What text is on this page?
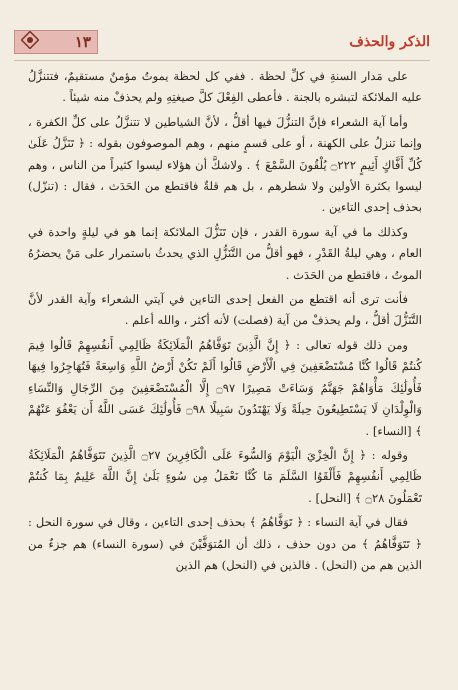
الذكر والحذف
١٣

على مَدار السنةِ في كلِّ لحظة . ففي كل لحظة يموتُ مؤمنٌ مستقيمٌ، فتتنزَّلُ عليه الملائكة لتبشره بالجنة . فأعطى الفِعْلَ كلَّ صيغتِهِ ولم يحذفْ منه شيئاً .

وأما آية الشعراء فإنَّ التنزُّلَ فيها أقلُّ ، لأنَّ الشياطين لا تتنزَّلُ على كلِّ الكفرة ، وإنما تنزلُ على الكهنة ، أو على قسمٍ منهم ، وهم الموصوفون بقوله : ﴿ تَنَزَّلُ عَلَىٰ كُلِّ أَفَّاكٍ أَثِيمٍ ۝٢٢٢ يُلْقُونَ السَّمْعَ ﴾ . ولاشكَّ أن هؤلاء ليسوا كثيراً من الناس ، وهم ليسوا بكثرة الأولين ولا شطرهم ، بل هم قلةٌ فاقتطع من الحَدَث ، فقال : (تنزّل) بحذف إحدى التاءين .

وكذلك ما في آية سورة القدر ، فإن تَنَزُّلَ الملائكة إنما هو في ليلةٍ واحدة في العام ، وهي ليلةُ القَدْرِ ، فهو أقلُّ من التَّنَزُّلِ الذي يحدثُ باستمرار على مَنْ يحضرُهُ الموتُ ، فاقتطع من الحَدَث .

فأنت ترى أنه اقتطع من الفعل إحدى التاءين في آيتي الشعراء وآية القدر لأنَّ التَّنَزُّلَ أقلُّ ، ولم يحذفْ من آية (فصلت) لأنه أكثر ، والله أعلم .

ومن ذلك قوله تعالى : ﴿ إِنَّ الَّذِينَ تَوَفَّاهُمُ الْمَلَائِكَةُ ظَالِمِي أَنفُسِهِمْ قَالُوا فِيمَ كُنتُمْ قَالُوا كُنَّا مُسْتَضْعَفِينَ فِي الْأَرْضِ قَالُوا أَلَمْ تَكُنْ أَرْضُ اللَّهِ وَاسِعَةً فَتُهَاجِرُوا فِيهَا فَأُولَٰئِكَ مَأْوَاهُمْ جَهَنَّمُ وَسَاءَتْ مَصِيرًا ۝٩٧ إِلَّا الْمُسْتَضْعَفِينَ مِنَ الرِّجَالِ وَالنِّسَاءِ وَالْوِلْدَانِ لَا يَسْتَطِيعُونَ حِيلَةً وَلَا يَهْتَدُونَ سَبِيلًا ۝٩٨ فَأُولَٰئِكَ عَسَى اللَّهُ أَن يَعْفُوَ عَنْهُمْ ﴾ [النساء] .

وقوله : ﴿ إِنَّ الْخِزْيَ الْيَوْمَ وَالسُّوءَ عَلَى الْكَافِرِينَ ۝٢٧ الَّذِينَ تَتَوَفَّاهُمُ الْمَلَائِكَةُ ظَالِمِي أَنفُسِهِمْ فَأَلْقَوُا السَّلَمَ مَا كُنَّا نَعْمَلُ مِن سُوءٍ بَلَىٰ إِنَّ اللَّهَ عَلِيمٌ بِمَا كُنتُمْ تَعْمَلُونَ ۝٢٨ ﴾ [النحل] .

فقال في آية النساء : ﴿ تَوَفَّاهُمُ ﴾ بحذف إحدى التاءين ، وقال في سورة النحل : ﴿ تَتَوَفَّاهُمُ ﴾ من دون حذف ، ذلك أن المُتوَفَّيْنَ في (سورة النساء) هم جزءٌ من الذين هم من (النحل) . فالذين في (النحل) هم الذين
